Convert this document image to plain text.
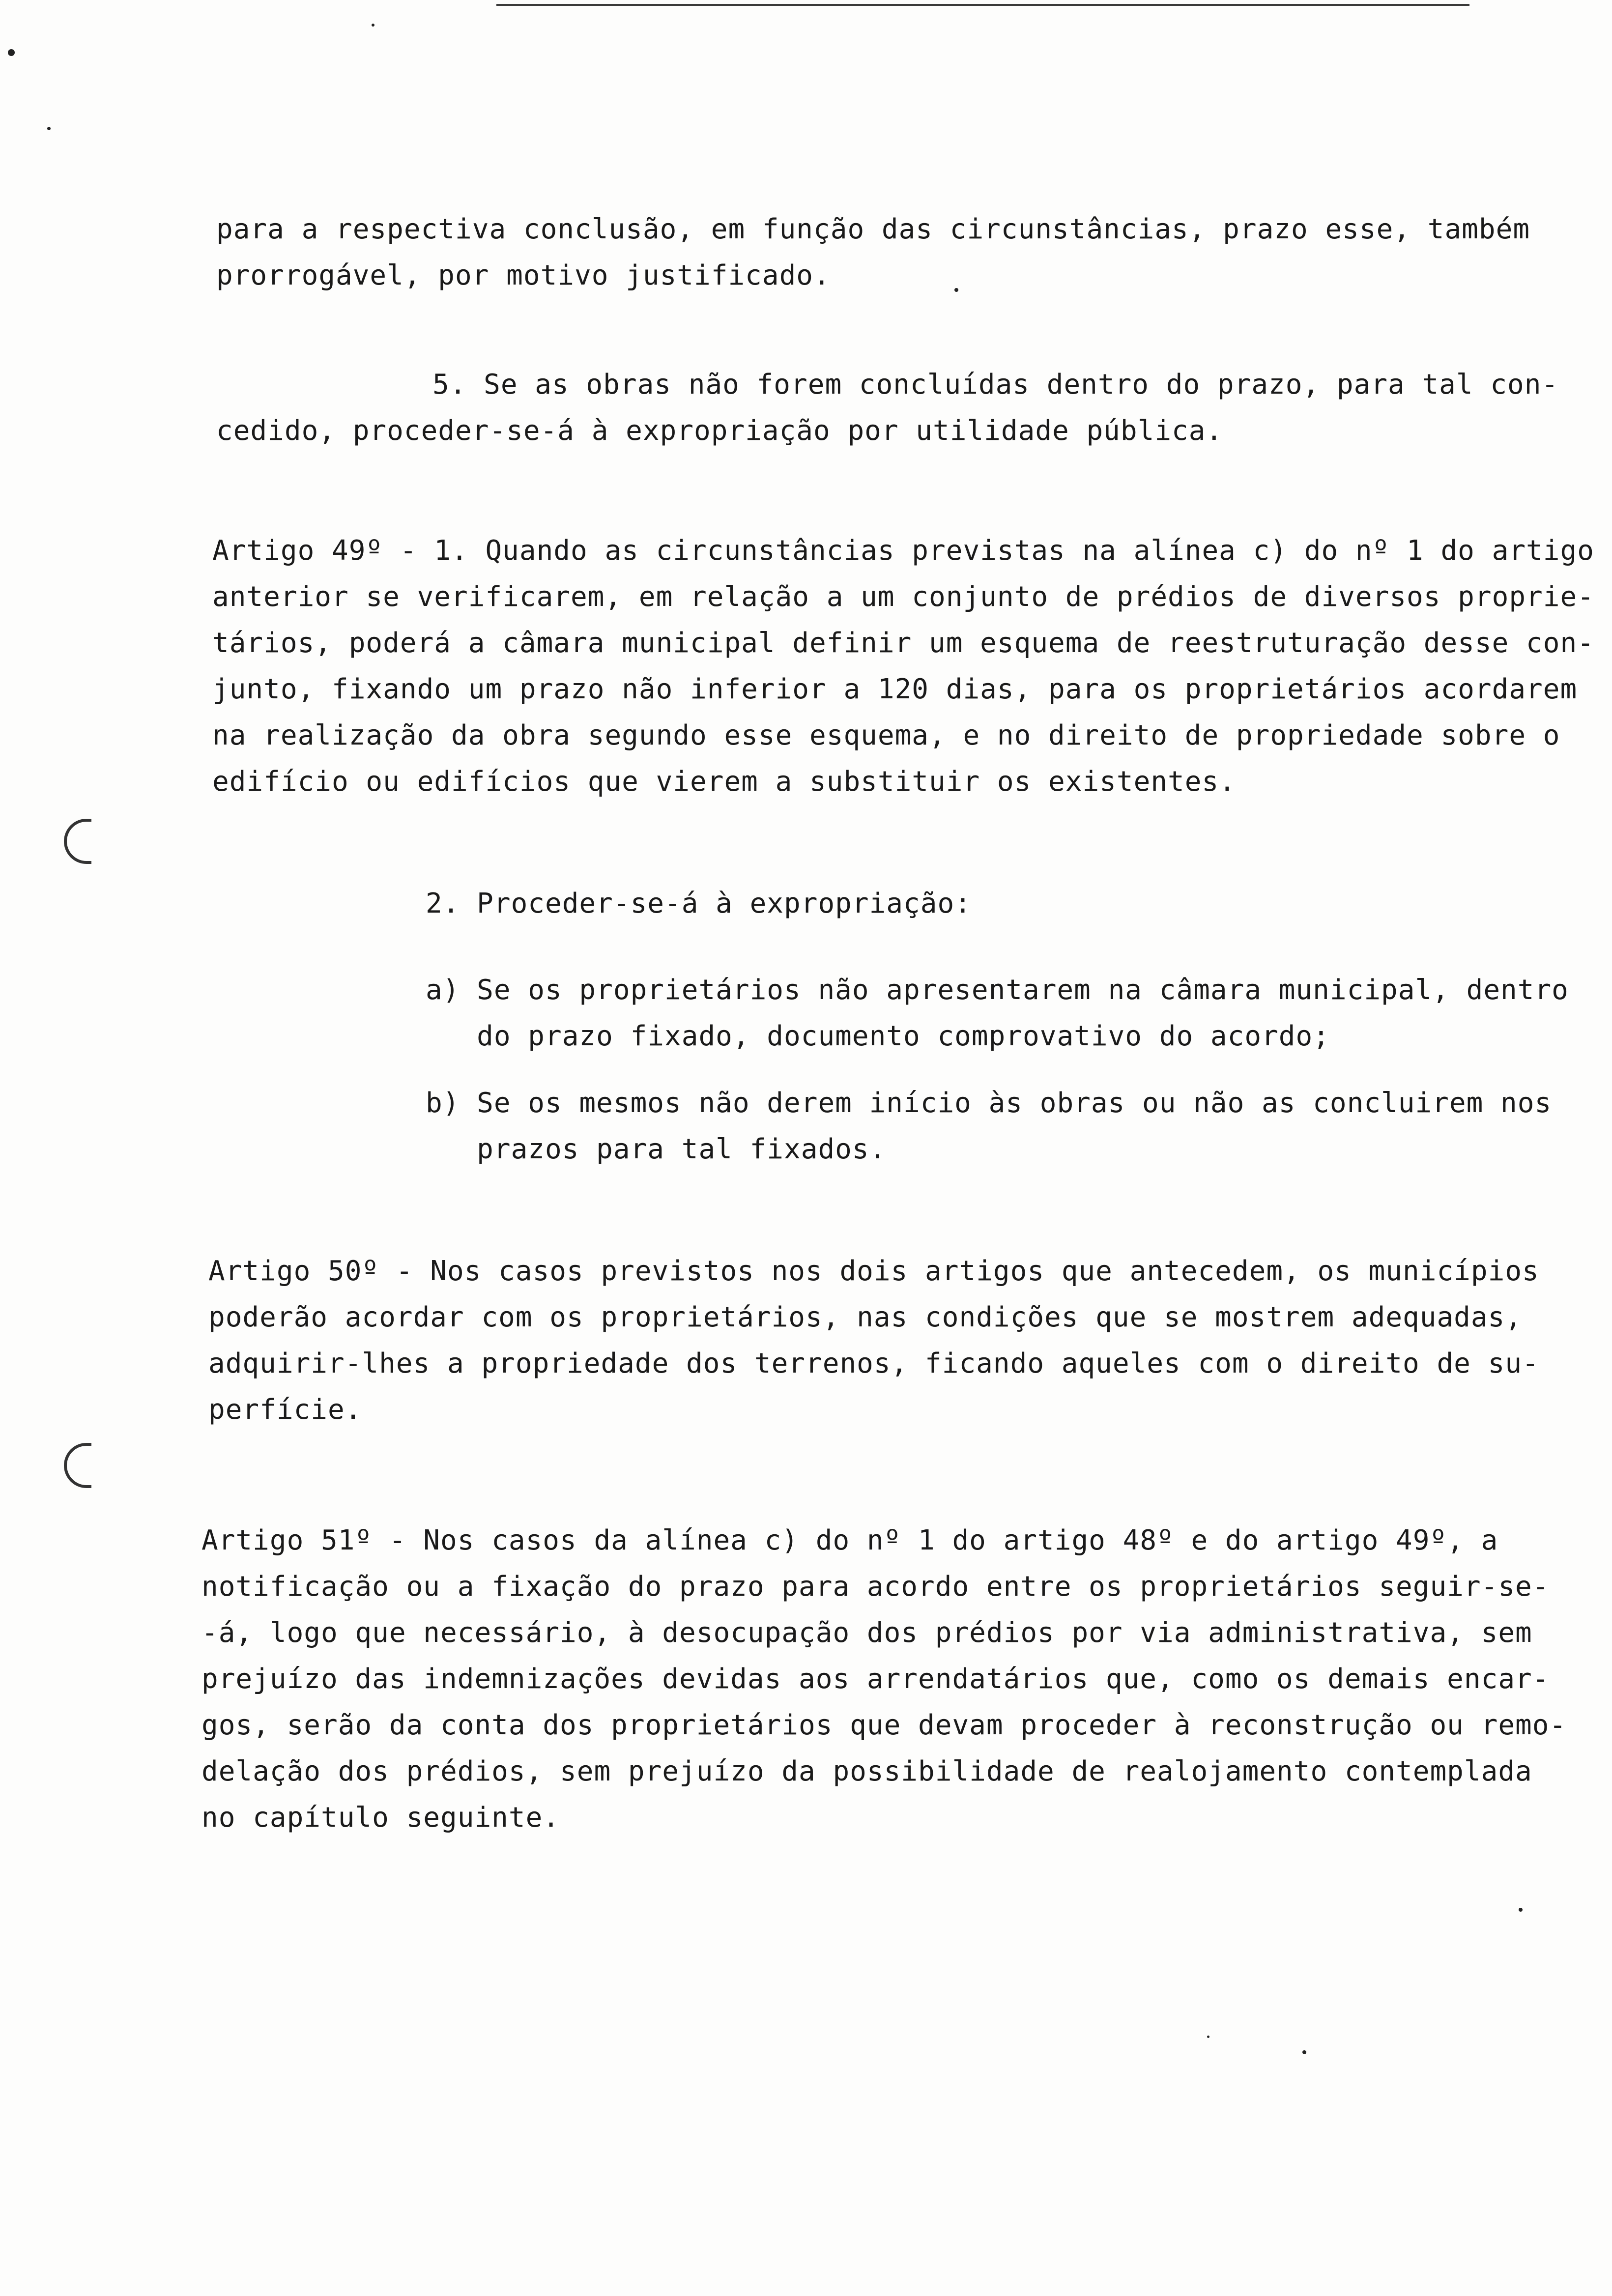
para a respectiva conclusão, em função das circunstâncias, prazo esse, também
prorrogável, por motivo justificado.
5. Se as obras não forem concluídas dentro do prazo, para tal con-
cedido, proceder-se-á à expropriação por utilidade pública.
Artigo 49º - 1. Quando as circunstâncias previstas na alínea c) do nº 1 do artigo
anterior se verificarem, em relação a um conjunto de prédios de diversos proprie-
tários, poderá a câmara municipal definir um esquema de reestruturação desse con-
junto, fixando um prazo não inferior a 120 dias, para os proprietários acordarem
na realização da obra segundo esse esquema, e no direito de propriedade sobre o
edifício ou edifícios que vierem a substituir os existentes.
2. Proceder-se-á à expropriação:
a) Se os proprietários não apresentarem na câmara municipal, dentro
do prazo fixado, documento comprovativo do acordo;
b) Se os mesmos não derem início às obras ou não as concluirem nos
prazos para tal fixados.
Artigo 50º - Nos casos previstos nos dois artigos que antecedem, os municípios
poderão acordar com os proprietários, nas condições que se mostrem adequadas,
adquirir-lhes a propriedade dos terrenos, ficando aqueles com o direito de su-
perfície.
Artigo 51º - Nos casos da alínea c) do nº 1 do artigo 48º e do artigo 49º, a
notificação ou a fixação do prazo para acordo entre os proprietários seguir-se-
-á, logo que necessário, à desocupação dos prédios por via administrativa, sem
prejuízo das indemnizações devidas aos arrendatários que, como os demais encar-
gos, serão da conta dos proprietários que devam proceder à reconstrução ou remo-
delação dos prédios, sem prejuízo da possibilidade de realojamento contemplada
no capítulo seguinte.
